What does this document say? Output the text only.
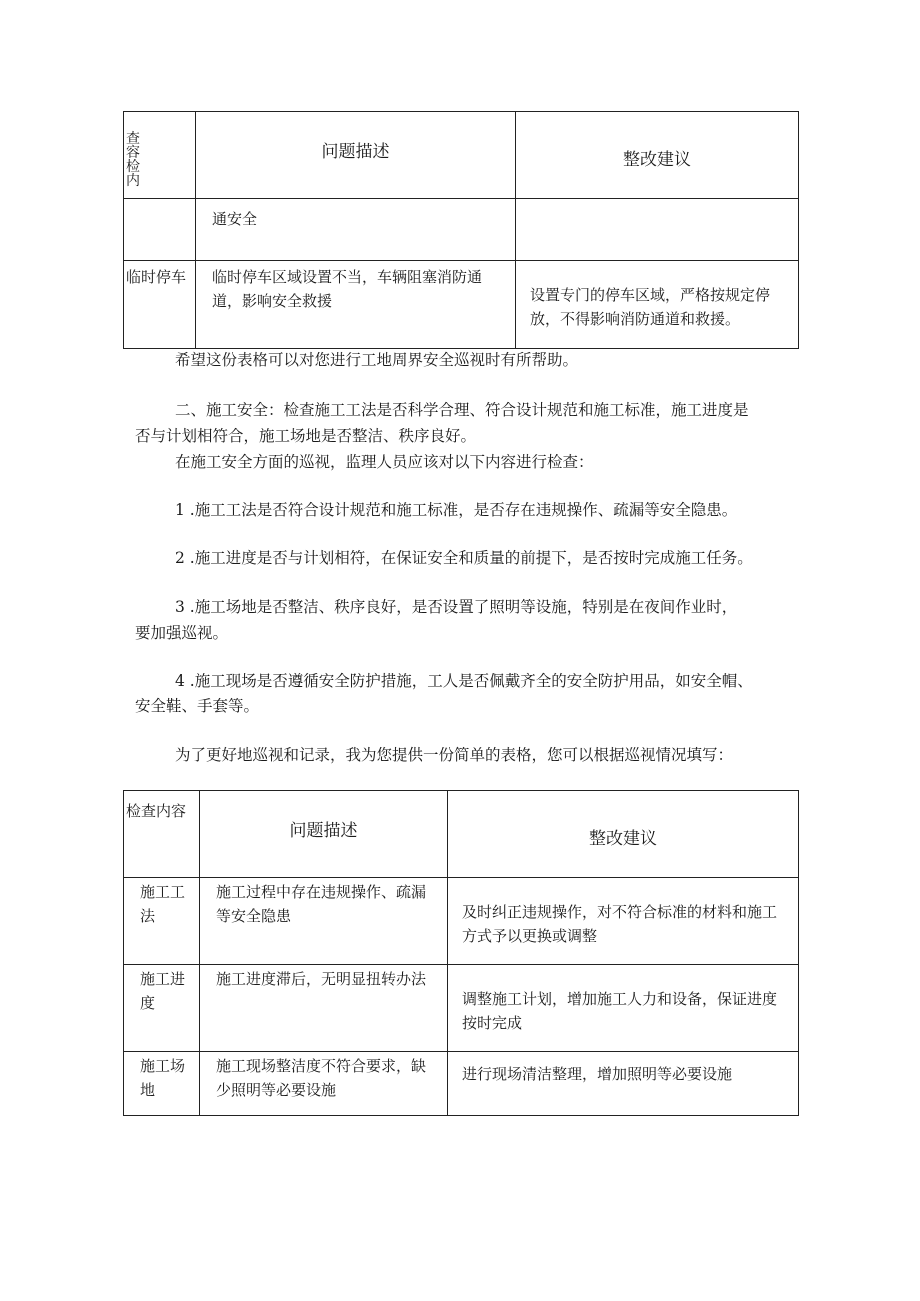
查
容
检
内	问题描述	整改建议
	通安全	
临时停车	临时停车区域设置不当，车辆阻塞消防通道，影响安全救援	设置专门的停车区域，严格按规定停放，不得影响消防通道和救援。

希望这份表格可以对您进行工地周界安全巡视时有所帮助。

二、施工安全：检查施工工法是否科学合理、符合设计规范和施工标准，施工进度是

否与计划相符合，施工场地是否整洁、秩序良好。

在施工安全方面的巡视，监理人员应该对以下内容进行检查：

1 .施工工法是否符合设计规范和施工标准，是否存在违规操作、疏漏等安全隐患。

2 .施工进度是否与计划相符，在保证安全和质量的前提下，是否按时完成施工任务。

3 .施工场地是否整洁、秩序良好，是否设置了照明等设施，特别是在夜间作业时，

要加强巡视。

4 .施工现场是否遵循安全防护措施，工人是否佩戴齐全的安全防护用品，如安全帽、

安全鞋、手套等。

为了更好地巡视和记录，我为您提供一份简单的表格，您可以根据巡视情况填写：

检查内容	问题描述	整改建议
施工工法	施工过程中存在违规操作、疏漏等安全隐患	及时纠正违规操作，对不符合标准的材料和施工方式予以更换或调整
施工进度	施工进度滞后，无明显扭转办法	调整施工计划，增加施工人力和设备，保证进度按时完成
施工场地	施工现场整洁度不符合要求，缺少照明等必要设施	进行现场清洁整理，增加照明等必要设施
